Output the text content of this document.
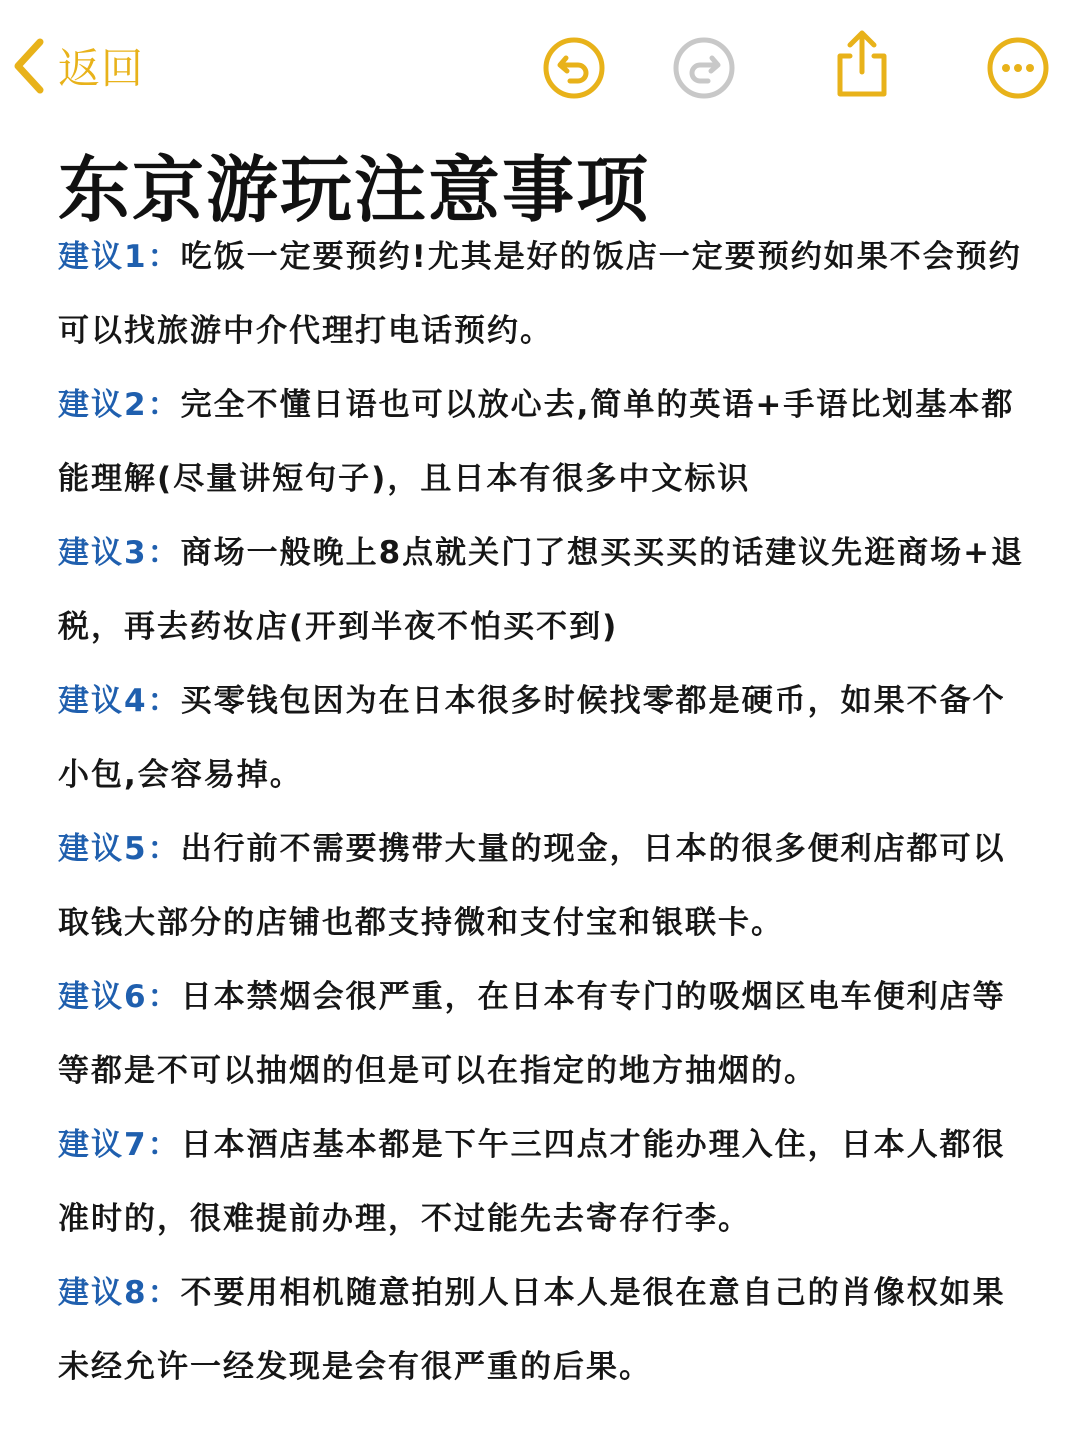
返回
东京游玩注意事项

建议1：吃饭一定要预约!尤其是好的饭店一定要预约如果不会预约可以找旅游中介代理打电话预约。

建议2：完全不懂日语也可以放心去,简单的英语+手语比划基本都能理解(尽量讲短句子)，且日本有很多中文标识

建议3：商场一般晚上8点就关门了想买买买的话建议先逛商场+退税，再去药妆店(开到半夜不怕买不到)

建议4：买零钱包因为在日本很多时候找零都是硬币，如果不备个小包,会容易掉。

建议5：出行前不需要携带大量的现金，日本的很多便利店都可以取钱大部分的店铺也都支持微和支付宝和银联卡。

建议6：日本禁烟会很严重，在日本有专门的吸烟区电车便利店等等都是不可以抽烟的但是可以在指定的地方抽烟的。

建议7：日本酒店基本都是下午三四点才能办理入住，日本人都很准时的，很难提前办理，不过能先去寄存行李。

建议8：不要用相机随意拍别人日本人是很在意自己的肖像权如果未经允许一经发现是会有很严重的后果。
